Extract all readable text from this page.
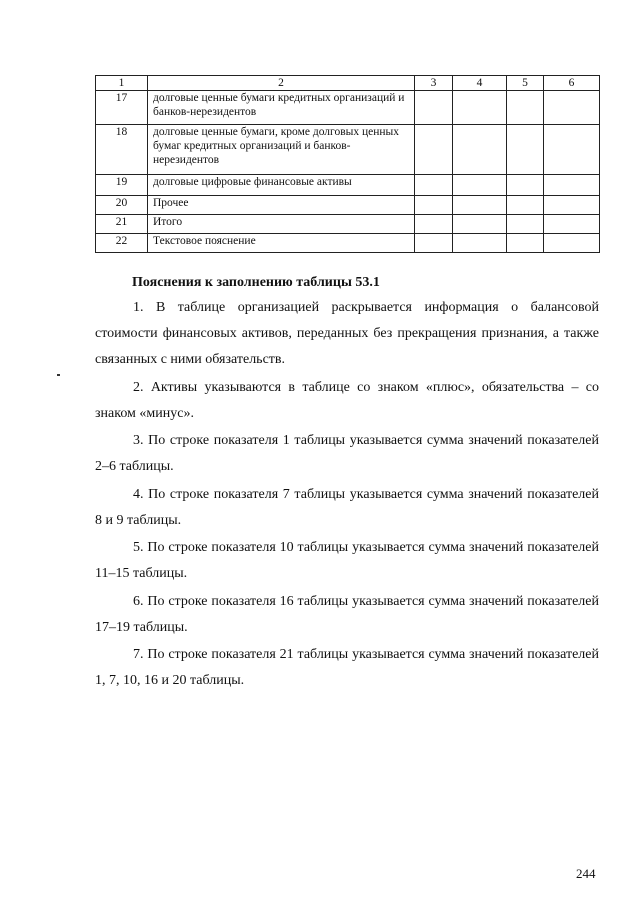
1	2	3	4	5	6
17	долговые ценные бумаги кредитных организаций и банков-нерезидентов				
18	долговые ценные бумаги, кроме долговых ценных бумаг кредитных организаций и банков-нерезидентов				
19	долговые цифровые финансовые активы				
20	Прочее				
21	Итого				
22	Текстовое пояснение				
Пояснения к заполнению таблицы 53.1

1. В таблице организацией раскрывается информация о балансовой стоимости финансовых активов, переданных без прекращения признания, а также связанных с ними обязательств.

2. Активы указываются в таблице со знаком «плюс», обязательства – со знаком «минус».

3. По строке показателя 1 таблицы указывается сумма значений показателей 2–6 таблицы.

4. По строке показателя 7 таблицы указывается сумма значений показателей 8 и 9 таблицы.

5. По строке показателя 10 таблицы указывается сумма значений показателей 11–15 таблицы.

6. По строке показателя 16 таблицы указывается сумма значений показателей 17–19 таблицы.

7. По строке показателя 21 таблицы указывается сумма значений показателей 1, 7, 10, 16 и 20 таблицы.

244
